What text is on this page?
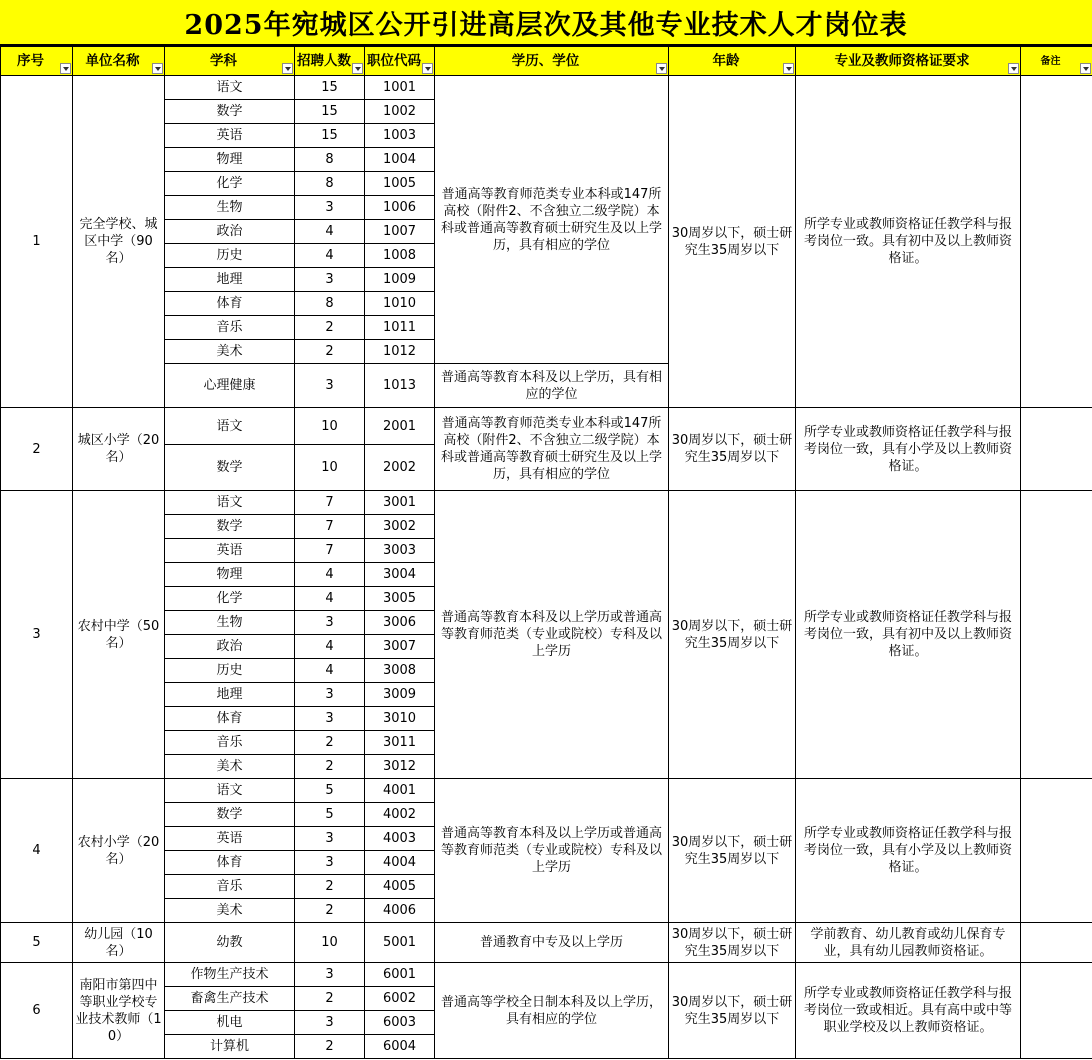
2025年宛城区公开引进高层次及其他专业技术人才岗位表
序号	单位名称	学科	招聘人数	职位代码	学历、学位	年龄	专业及教师资格证要求	备注

1	完全学校、城区中学（90名）	语文	15	1001	普通高等教育师范类专业本科或147所高校（附件2、不含独立二级学院）本科或普通高等教育硕士研究生及以上学历，具有相应的学位	30周岁以下，硕士研究生35周岁以下	所学专业或教师资格证任教学科与报考岗位一致。具有初中及以上教师资格证。	
		数学	15	1002				
		英语	15	1003				
		物理	8	1004				
		化学	8	1005				
		生物	3	1006				
		政治	4	1007				
		历史	4	1008				
		地理	3	1009				
		体育	8	1010				
		音乐	2	1011				
		美术	2	1012				
		心理健康	3	1013	普通高等教育本科及以上学历，具有相应的学位			
2	城区小学（20名）	语文	10	2001	普通高等教育师范类专业本科或147所高校（附件2、不含独立二级学院）本科或普通高等教育硕士研究生及以上学历，具有相应的学位	30周岁以下，硕士研究生35周岁以下	所学专业或教师资格证任教学科与报考岗位一致，具有小学及以上教师资格证。	
		数学	10	2002				
3	农村中学（50名）	语文	7	3001	普通高等教育本科及以上学历或普通高等教育师范类（专业或院校）专科及以上学历	30周岁以下，硕士研究生35周岁以下	所学专业或教师资格证任教学科与报考岗位一致，具有初中及以上教师资格证。	
		数学	7	3002				
		英语	7	3003				
		物理	4	3004				
		化学	4	3005				
		生物	3	3006				
		政治	4	3007				
		历史	4	3008				
		地理	3	3009				
		体育	3	3010				
		音乐	2	3011				
		美术	2	3012				
4	农村小学（20名）	语文	5	4001	普通高等教育本科及以上学历或普通高等教育师范类（专业或院校）专科及以上学历	30周岁以下，硕士研究生35周岁以下	所学专业或教师资格证任教学科与报考岗位一致，具有小学及以上教师资格证。	
		数学	5	4002				
		英语	3	4003				
		体育	3	4004				
		音乐	2	4005				
		美术	2	4006				
5	幼儿园（10名）	幼教	10	5001	普通教育中专及以上学历	30周岁以下，硕士研究生35周岁以下	学前教育、幼儿教育或幼儿保育专业，具有幼儿园教师资格证。	
6	南阳市第四中等职业学校专业技术教师（10）	作物生产技术	3	6001	普通高等学校全日制本科及以上学历，具有相应的学位	30周岁以下，硕士研究生35周岁以下	所学专业或教师资格证任教学科与报考岗位一致或相近。具有高中或中等职业学校及以上教师资格证。	
		畜禽生产技术	2	6002				
		机电	3	6003				
		计算机	2	6004				
